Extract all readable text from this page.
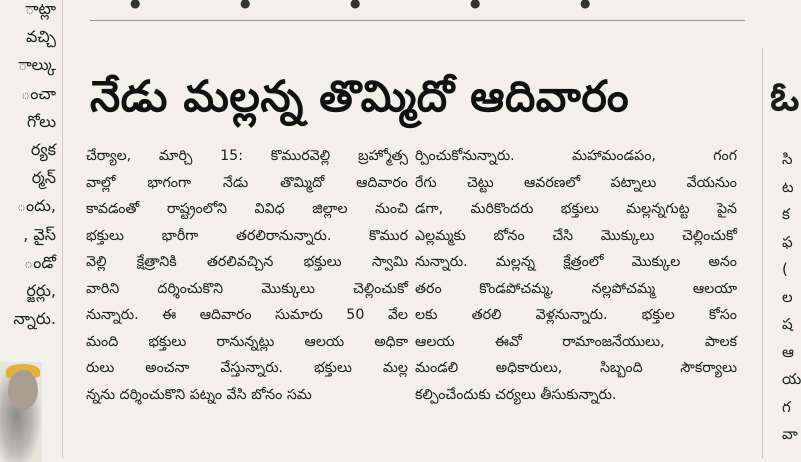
ాట్లా
వచ్చి
ాల్కు
ంచా
గోలు
ర్యక
ర్మన్
ందు,
, వైస్
ండో
ర్జర్లు,
న్నారు.
●	●	●	●	●
నేడు మల్లన్న తొమ్మిదో ఆదివారం
చేర్యాల, మార్చి 15: కొమురవెల్లి బ్రహ్మోత్స
వాల్లో భాగంగా నేడు తొమ్మిదో ఆదివారం
కావడంతో రాష్ట్రంలోని వివిధ జిల్లాల నుంచి
భక్తులు భారీగా తరలిరానున్నారు. కొముర
వెల్లి క్షేత్రానికి తరలివచ్చిన భక్తులు స్వామి
వారిని దర్శించుకొని మొక్కులు చెల్లించుకో
నున్నారు. ఈ ఆదివారం సుమారు 50 వేల
మంది భక్తులు రానున్నట్లు ఆలయ అధికా
రులు అంచనా వేస్తున్నారు. భక్తులు మల్ల
న్నను దర్శించుకొని పట్నం వేసి బోనం సమ
ర్పించుకోనున్నారు. మహామండపం, గంగ
రేగు చెట్టు ఆవరణలో పట్నాలు వేయనుం
డగా, మరికొందరు భక్తులు మల్లన్నగుట్ట పైన
ఎల్లమ్మకు బోనం చేసి మొక్కులు చెల్లించుకో
నున్నారు. మల్లన్న క్షేత్రంలో మొక్కుల అనం
తరం కొండపోచమ్మ, నల్లపోచమ్మ ఆలయా
లకు తరలి వెళ్లనున్నారు. భక్తుల కోసం
ఆలయ ఈవో రామాంజనేయులు, పాలక
మండలి అధికారులు, సిబ్బంది సౌకర్యాలు
కల్పించేందుకు చర్యలు తీసుకున్నారు.
ఓ
సి
ట
క
ఫ
(
ల
ష
ఆ
య
గ
వా
